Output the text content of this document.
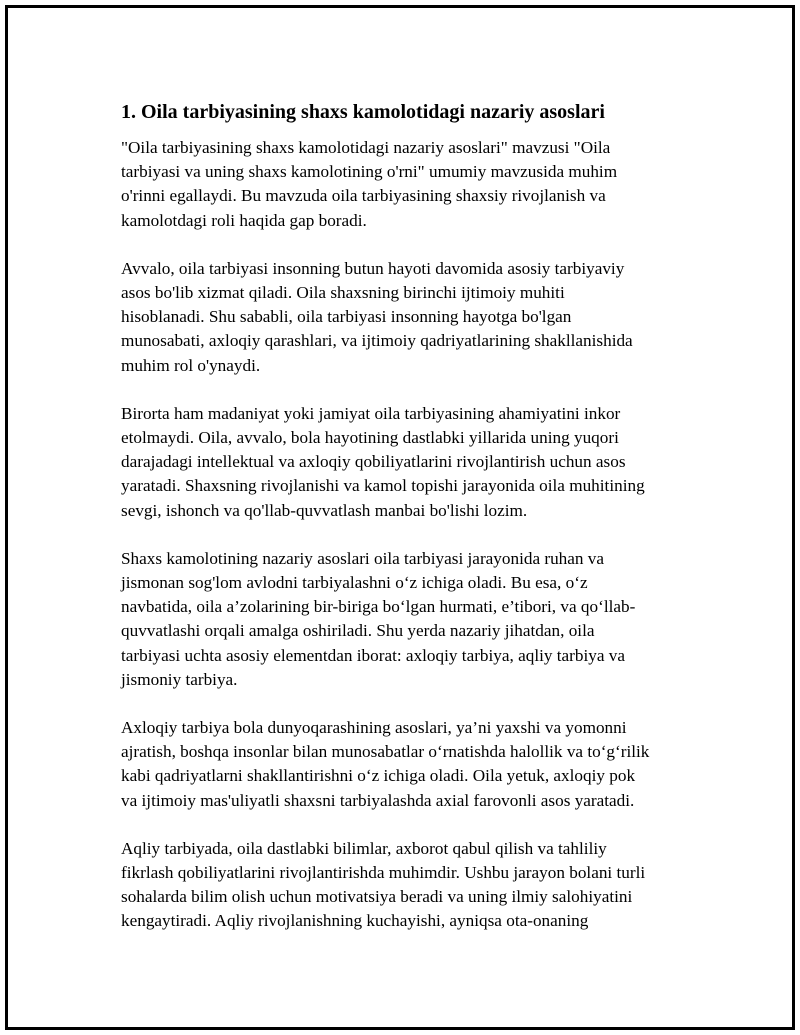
1. Oila tarbiyasining shaxs kamolotidagi nazariy asoslari

"Oila tarbiyasining shaxs kamolotidagi nazariy asoslari" mavzusi "Oila
tarbiyasi va uning shaxs kamolotining o'rni" umumiy mavzusida muhim
o'rinni egallaydi. Bu mavzuda oila tarbiyasining shaxsiy rivojlanish va
kamolotdagi roli haqida gap boradi.

Avvalo, oila tarbiyasi insonning butun hayoti davomida asosiy tarbiyaviy
asos bo'lib xizmat qiladi. Oila shaxsning birinchi ijtimoiy muhiti
hisoblanadi. Shu sababli, oila tarbiyasi insonning hayotga bo'lgan
munosabati, axloqiy qarashlari, va ijtimoiy qadriyatlarining shakllanishida
muhim rol o'ynaydi.

Birorta ham madaniyat yoki jamiyat oila tarbiyasining ahamiyatini inkor
etolmaydi. Oila, avvalo, bola hayotining dastlabki yillarida uning yuqori
darajadagi intellektual va axloqiy qobiliyatlarini rivojlantirish uchun asos
yaratadi. Shaxsning rivojlanishi va kamol topishi jarayonida oila muhitining
sevgi, ishonch va qo'llab-quvvatlash manbai bo'lishi lozim.

Shaxs kamolotining nazariy asoslari oila tarbiyasi jarayonida ruhan va
jismonan sog'lom avlodni tarbiyalashni o‘z ichiga oladi. Bu esa, o‘z
navbatida, oila a’zolarining bir-biriga bo‘lgan hurmati, e’tibori, va qo‘llab-
quvvatlashi orqali amalga oshiriladi. Shu yerda nazariy jihatdan, oila
tarbiyasi uchta asosiy elementdan iborat: axloqiy tarbiya, aqliy tarbiya va
jismoniy tarbiya.

Axloqiy tarbiya bola dunyoqarashining asoslari, ya’ni yaxshi va yomonni
ajratish, boshqa insonlar bilan munosabatlar o‘rnatishda halollik va to‘g‘rilik
kabi qadriyatlarni shakllantirishni o‘z ichiga oladi. Oila yetuk, axloqiy pok
va ijtimoiy mas'uliyatli shaxsni tarbiyalashda axial farovonli asos yaratadi.

Aqliy tarbiyada, oila dastlabki bilimlar, axborot qabul qilish va tahliliy
fikrlash qobiliyatlarini rivojlantirishda muhimdir. Ushbu jarayon bolani turli
sohalarda bilim olish uchun motivatsiya beradi va uning ilmiy salohiyatini
kengaytiradi. Aqliy rivojlanishning kuchayishi, ayniqsa ota-onaning
